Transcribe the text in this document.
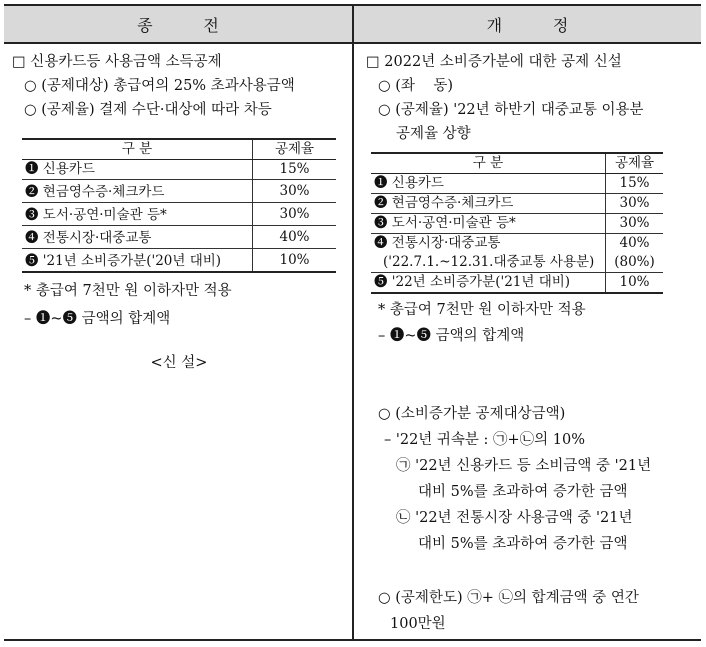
종          전	개          정
□ 신용카드등 사용금액 소득공제
○ (공제대상) 총급여의 25% 초과사용금액
○ (공제율) 결제 수단·대상에 따라 차등
구 분	공제율
❶ 신용카드	15%
❷ 현금영수증·체크카드	30%
❸ 도서·공연·미술관 등*	30%
❹ 전통시장·대중교통	40%
❺ '21년 소비증가분('20년 대비)	10%
* 총급여 7천만 원 이하자만 적용
– ❶~❺ 금액의 합계액
<신 설>
□ 2022년 소비증가분에 대한 공제 신설
○ (좌    동)
○ (공제율) '22년 하반기 대중교통 이용분
공제율 상향
구 분	공제율
❶ 신용카드	15%
❷ 현금영수증·체크카드	30%
❸ 도서·공연·미술관 등*	30%
❹ 전통시장·대중교통	40%
('22.7.1.~12.31.대중교통 사용분)	(80%)
❺ '22년 소비증가분('21년 대비)	10%
* 총급여 7천만 원 이하자만 적용
– ❶~❺ 금액의 합계액
○ (소비증가분 공제대상금액)
– '22년 귀속분 : ㉠+㉡의 10%
㉠ '22년 신용카드 등 소비금액 중 '21년
대비 5%를 초과하여 증가한 금액
㉡ '22년 전통시장 사용금액 중 '21년
대비 5%를 초과하여 증가한 금액
○ (공제한도) ㉠+ ㉡의 합계금액 중 연간
100만원
